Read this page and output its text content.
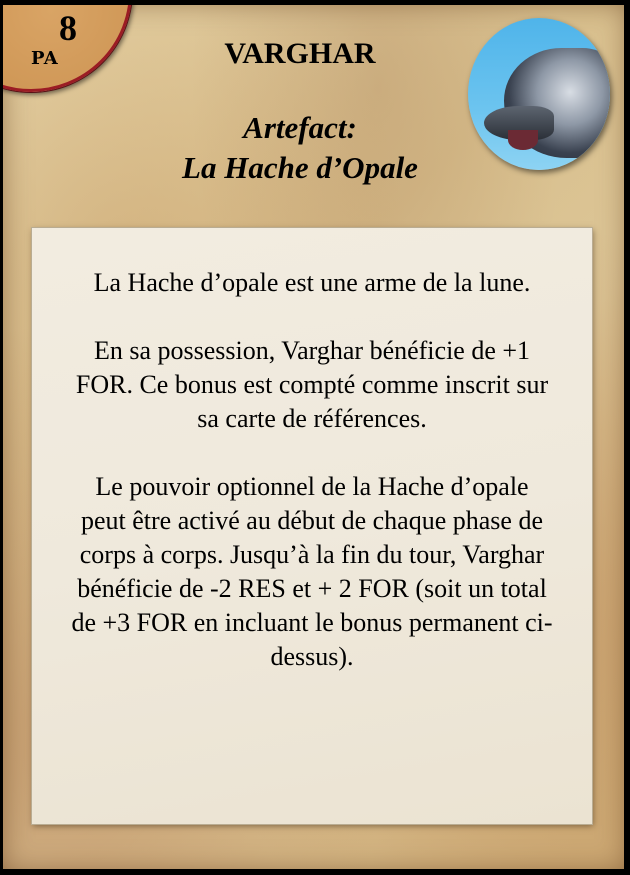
8
PA	VARGHAR
Artefact:
La Hache d’Opale

La Hache d’opale est une arme de la lune.

En sa possession, Varghar bénéficie de +1 FOR. Ce bonus est compté comme inscrit sur sa carte de références.

Le pouvoir optionnel de la Hache d’opale peut être activé au début de chaque phase de corps à corps. Jusqu’à la fin du tour, Varghar bénéficie de -2 RES et + 2 FOR (soit un total de +3 FOR en incluant le bonus permanent ci-dessus).
